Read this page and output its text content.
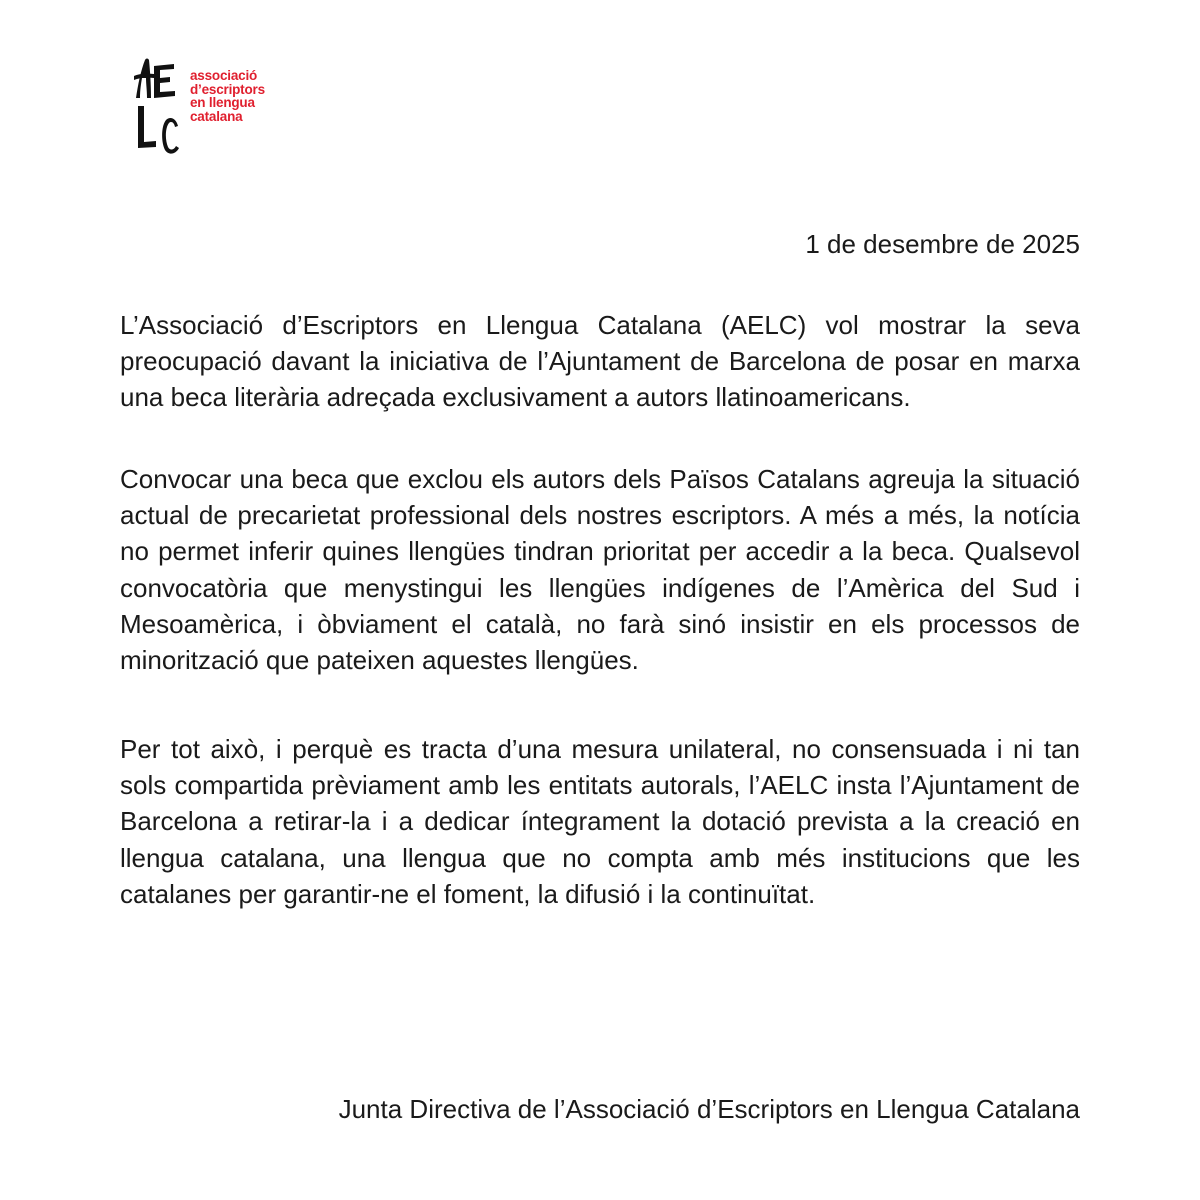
associació
d’escriptors
en llengua
catalana
1 de desembre de 2025

L’Associació d’Escriptors en Llengua Catalana (AELC) vol mostrar la seva preocupació davant la iniciativa de l’Ajuntament de Barcelona de posar en marxa una beca literària adreçada exclusivament a autors llatinoamericans.

Convocar una beca que exclou els autors dels Països Catalans agreuja la situació actual de precarietat professional dels nostres escriptors. A més a més, la notícia no permet inferir quines llengües tindran prioritat per accedir a la beca. Qualsevol convocatòria que menystingui les llengües indígenes de l’Amèrica del Sud i Mesoamèrica, i òbviament el català, no farà sinó insistir en els processos de minorització que pateixen aquestes llengües.

Per tot això, i perquè es tracta d’una mesura unilateral, no consensuada i ni tan sols compartida prèviament amb les entitats autorals, l’AELC insta l’Ajuntament de Barcelona a retirar-la i a dedicar íntegrament la dotació prevista a la creació en llengua catalana, una llengua que no compta amb més institucions que les catalanes per garantir-ne el foment, la difusió i la continuïtat.

Junta Directiva de l’Associació d’Escriptors en Llengua Catalana
